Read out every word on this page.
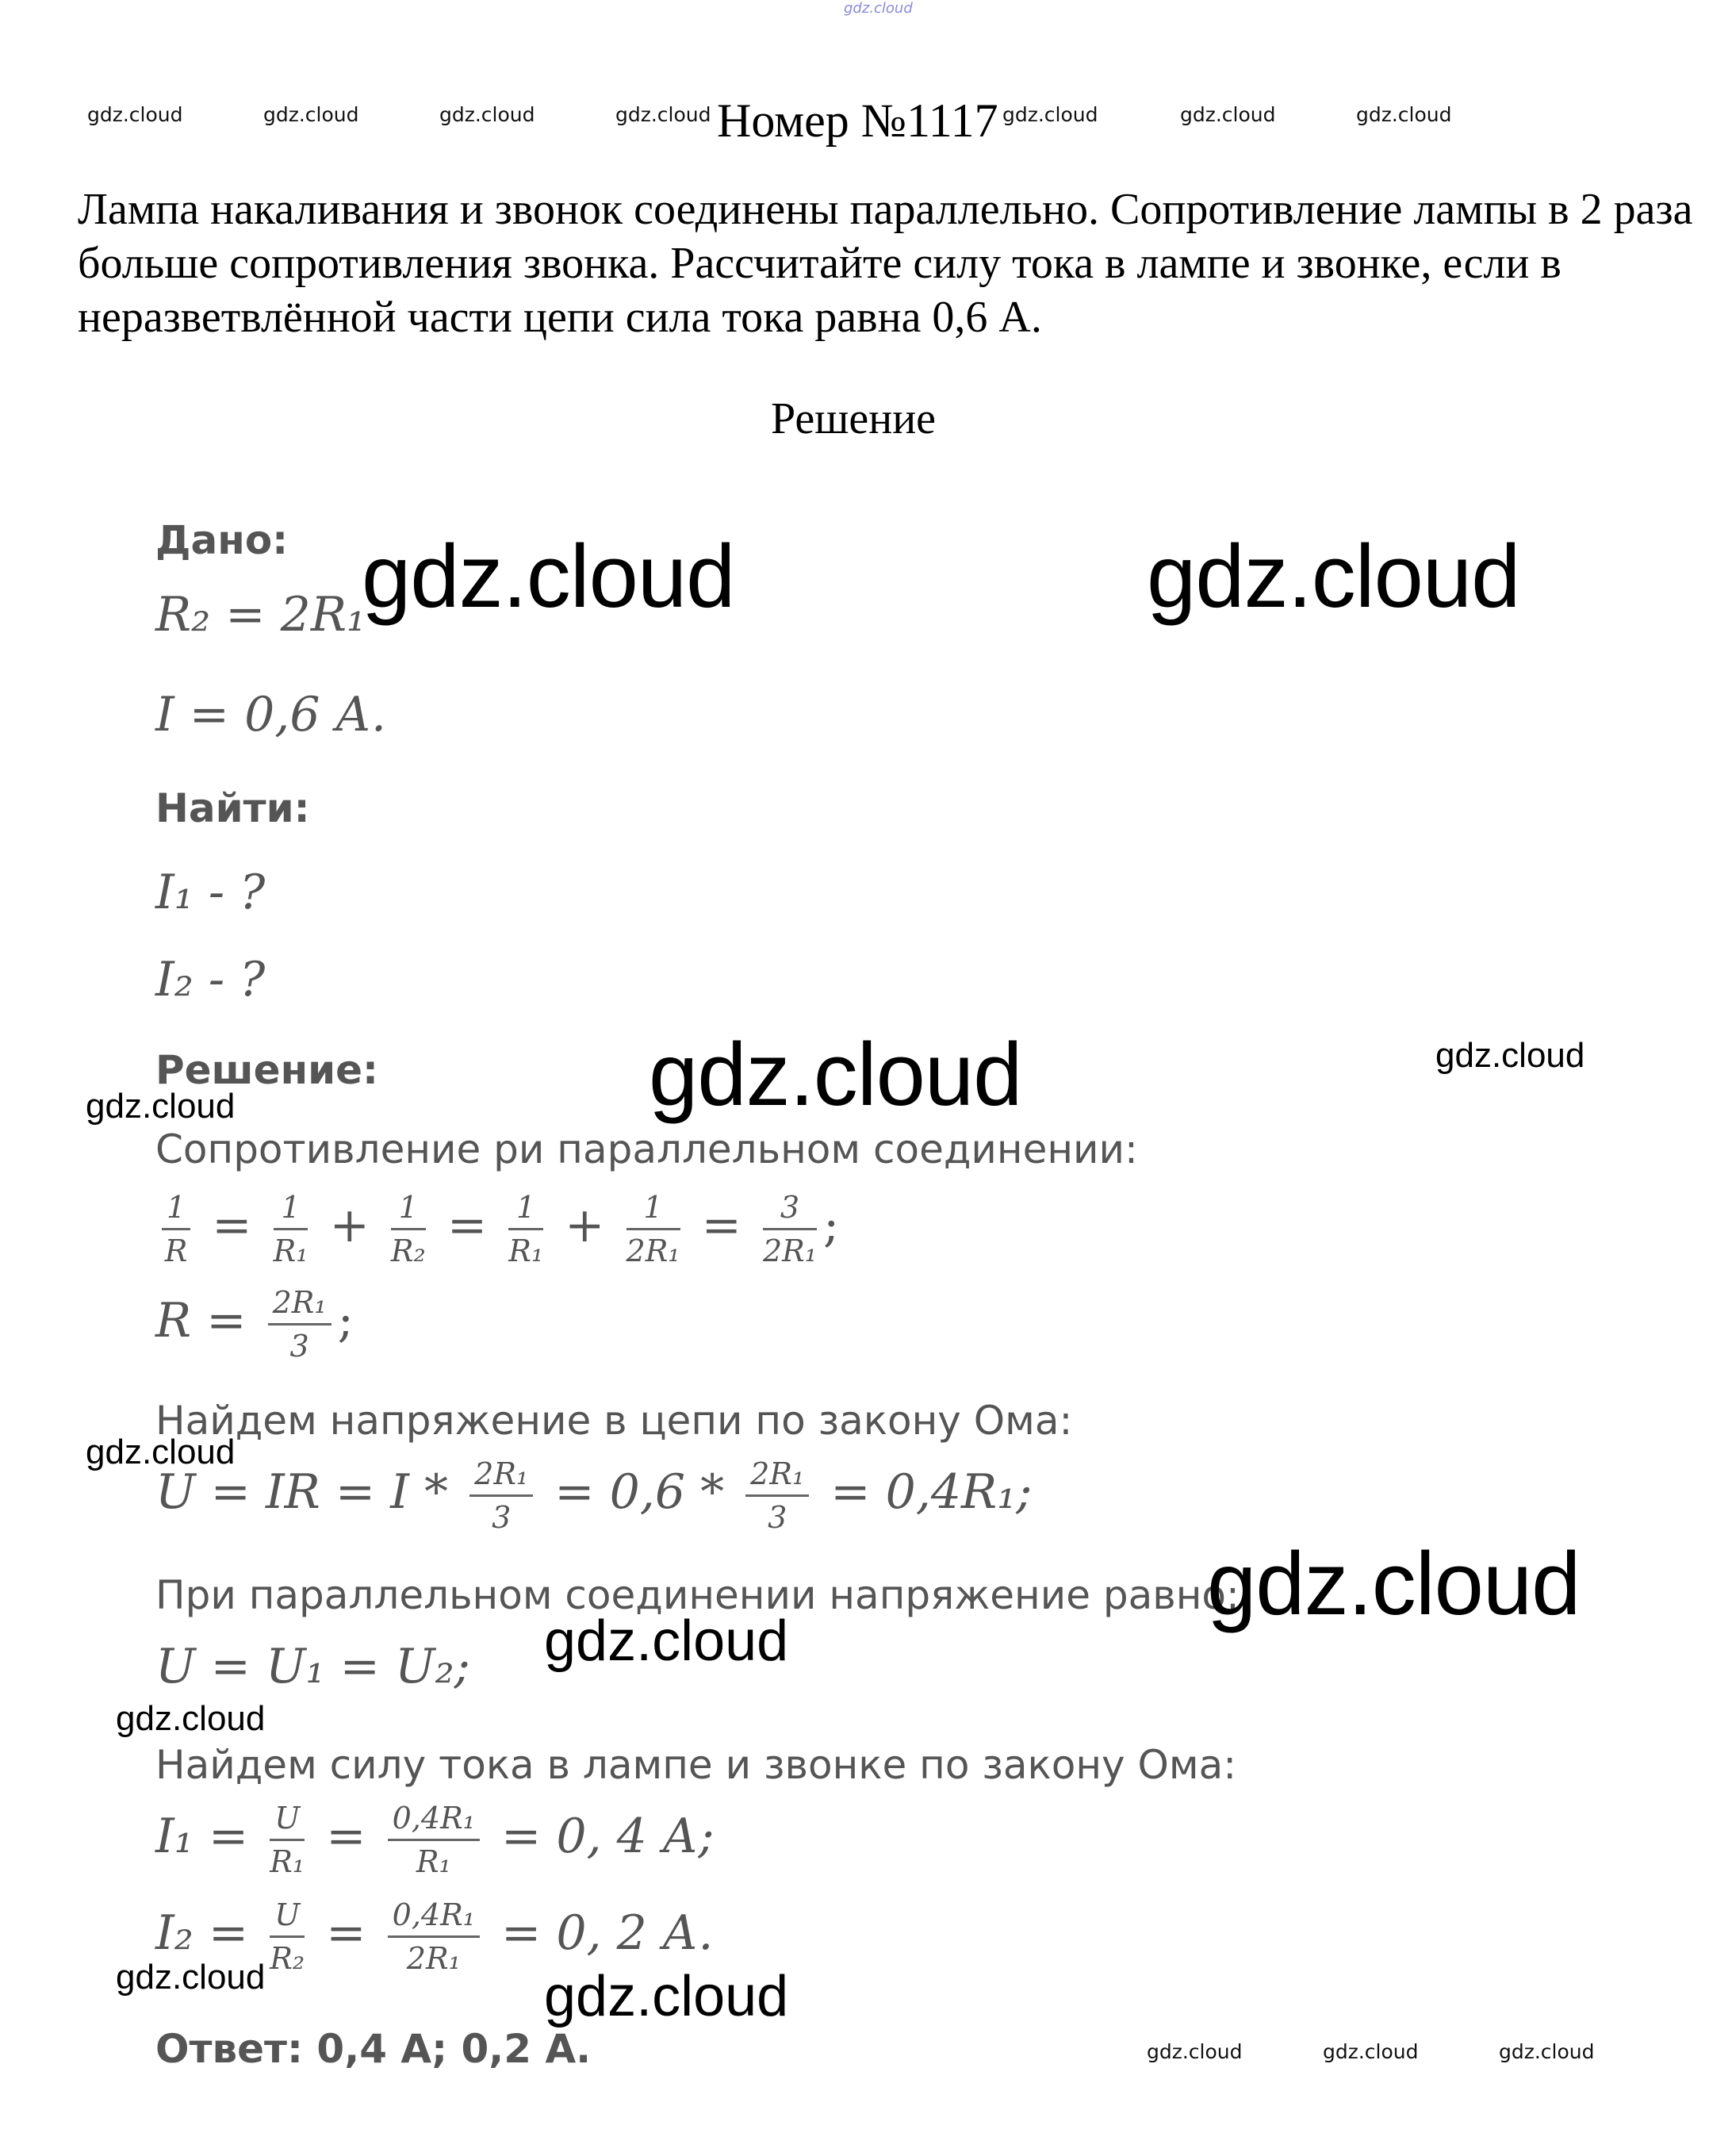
gdz.cloud
gdz.cloud	gdz.cloud	gdz.cloud	gdz.cloud	gdz.cloud	gdz.cloud	gdz.cloud
Номер №1117
Лампа накаливания и звонок соединены параллельно. Сопротивление лампы в 2 раза больше сопротивления звонка. Рассчитайте силу тока в лампе и звонке, если в неразветвлённой части цепи сила тока равна 0,6 А.
Решение
Дано:
R₂ = 2R₁
I = 0,6 А.
Найти:
I₁ - ?
I₂ - ?
Решение:
Сопротивление ри параллельном соединении:
$\frac{1}{R} = \frac{1}{\text{R₁}} + \frac{1}{\text{R₂}} = \frac{1}{\text{R₁}} + \frac{1}{\text{2R₁}} = \frac{3}{\text{2R₁}}$ ;
$R = \frac{\text{2R₁}}{3}$ ;
Найдем напряжение в цепи по закону Ома:
U = IR = $I * \frac{\text{2R₁}}{3} = 0,6 * \frac{\text{2R₁}}{3} = 0,4R_1$;
При параллельном соединении напряжение равно:
U = U₁ = U₂;
Найдем силу тока в лампе и звонке по закону Ома:
$I_1 = \frac{U}{\text{R₁}} = \frac{\text{0,4R₁}}{\text{R₁}} = 0$, 4 А;
$I_2 = \frac{U}{\text{R₂}} = \frac{\text{0,4R₁}}{\text{2R₁}} = 0$, 2 А.
Ответ: 0,4 А; 0,2 А.
gdz.cloud	gdz.cloud
gdz.cloud
gdz.cloud
gdz.cloud
gdz.cloud
gdz.cloud
gdz.cloud
gdz.cloud
gdz.cloud
gdz.cloud
gdz.cloud	gdz.cloud	gdz.cloud
